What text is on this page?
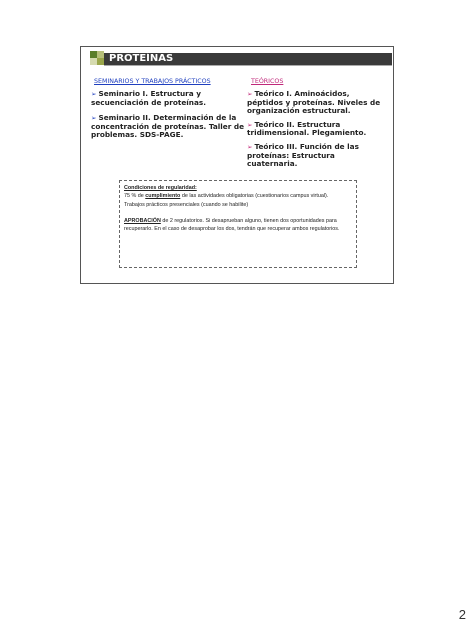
PROTEÍNAS
SEMINARIOS Y TRABAJOS PRÁCTICOS	TEÓRICOS
➢ Seminario I. Estructura y secuenciación de proteínas.
➢ Seminario II. Determinación de la concentración de proteínas. Taller de problemas. SDS-PAGE.
➢ Teórico I. Aminoácidos, péptidos y proteínas. Niveles de organización estructural.
➢ Teórico II. Estructura tridimensional. Plegamiento.
➢ Teórico III. Función de las proteínas: Estructura cuaternaria.
Condiciones de regularidad:
75 % de cumplimiento de las actividades obligatorias (cuestionarios campus virtual).
Trabajos prácticos presenciales (cuando se habilite)
APROBACIÓN de 2 regulatorios. Si desaprueban alguno, tienen dos oportunidades para recuperarlo. En el caso de desaprobar los dos, tendrán que recuperar ambos regulatorios.
2
